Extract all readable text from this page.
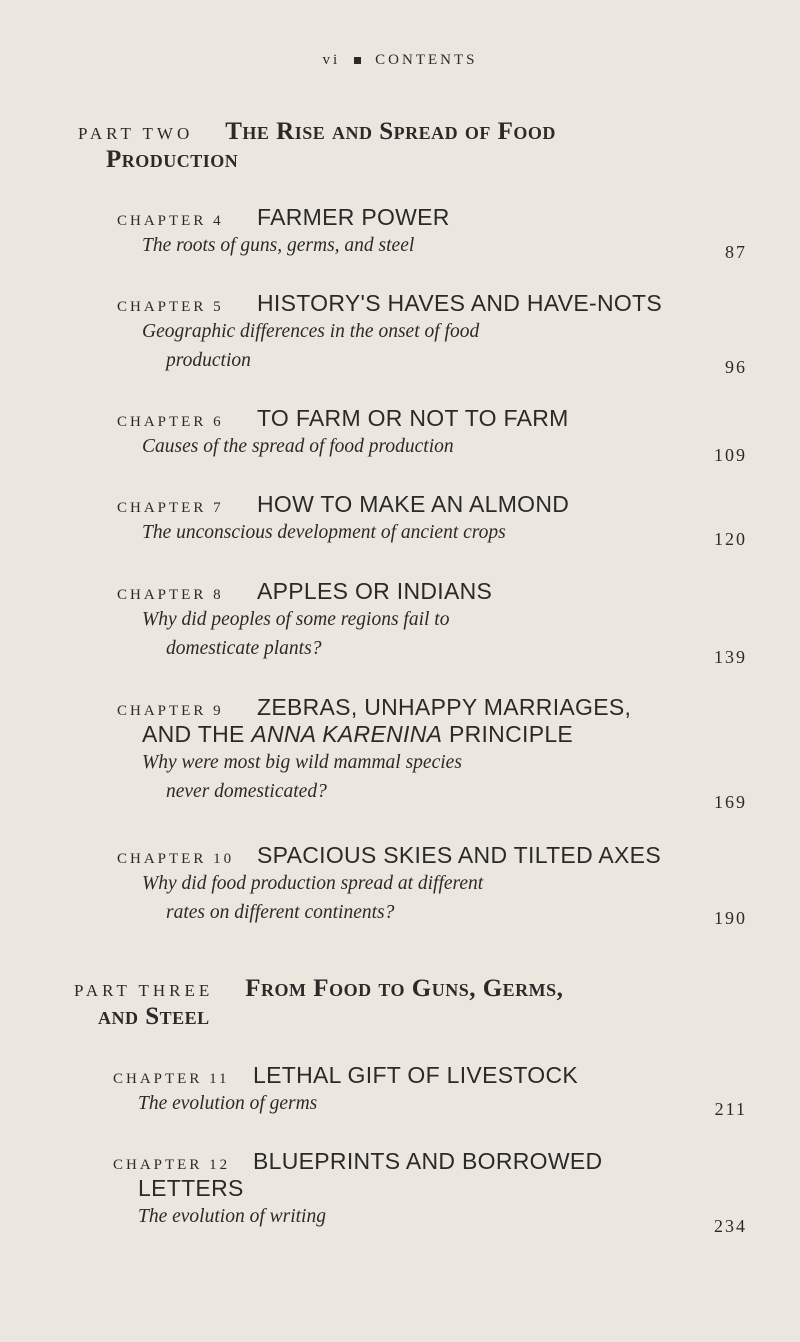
vi CONTENTS
PART TWO The Rise and Spread of Food
Production
CHAPTER 4 FARMER POWER
The roots of guns, germs, and steel	87
CHAPTER 5 HISTORY'S HAVES AND HAVE-NOTS
Geographic differences in the onset of food
production	96
CHAPTER 6 TO FARM OR NOT TO FARM
Causes of the spread of food production	109
CHAPTER 7 HOW TO MAKE AN ALMOND
The unconscious development of ancient crops	120
CHAPTER 8 APPLES OR INDIANS
Why did peoples of some regions fail to
domesticate plants?	139
CHAPTER 9 ZEBRAS, UNHAPPY MARRIAGES,
AND THE ANNA KARENINA PRINCIPLE
Why were most big wild mammal species
never domesticated?	169
CHAPTER 10 SPACIOUS SKIES AND TILTED AXES
Why did food production spread at different
rates on different continents?	190
PART THREE From Food to Guns, Germs,
and Steel
CHAPTER 11 LETHAL GIFT OF LIVESTOCK
The evolution of germs	211
CHAPTER 12 BLUEPRINTS AND BORROWED
LETTERS
The evolution of writing	234
